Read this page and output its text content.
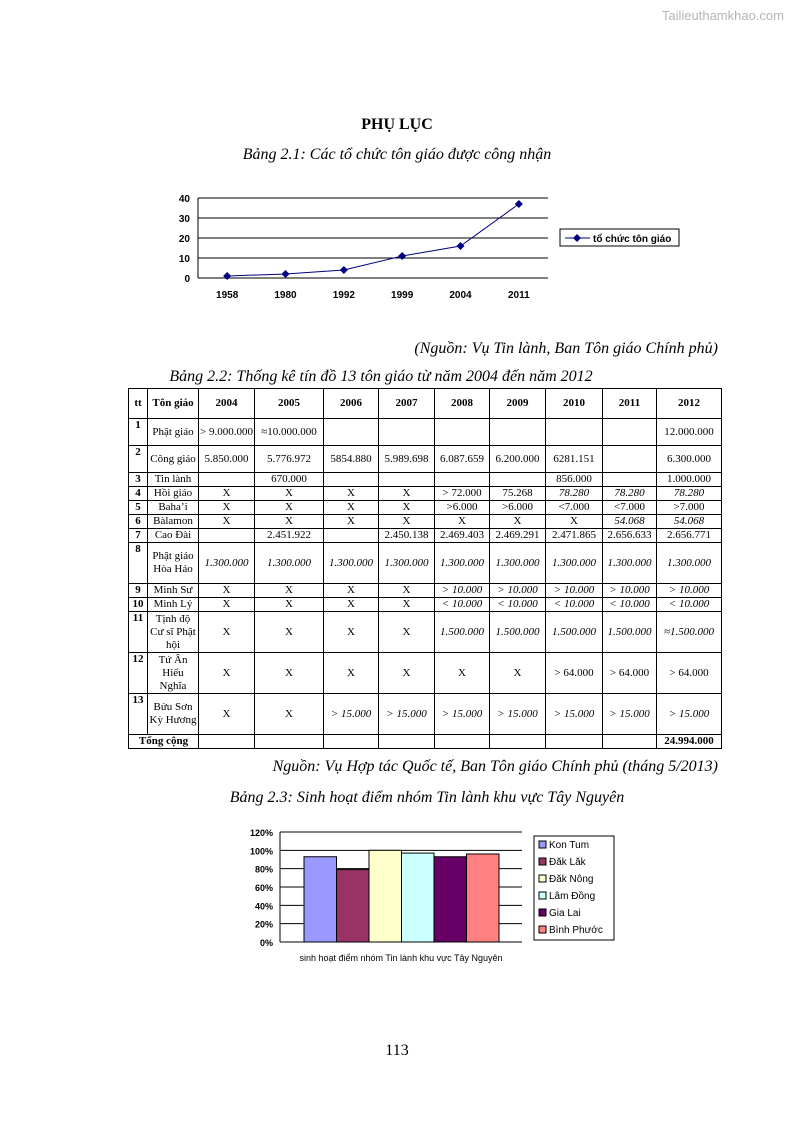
Tailieuthamkhao.com
PHỤ LỤC
Bảng 2.1: Các tổ chức tôn giáo được công nhận
0
10
20
30
40
1958	1980	1992	1999	2004	2011
tổ chức tôn giáo
(Nguồn: Vụ Tin lành, Ban Tôn giáo Chính phủ)
Bảng 2.2: Thống kê tín đồ 13 tôn giáo từ năm 2004 đến năm 2012
tt	Tôn giáo	2004	2005	2006	2007	2008	2009	2010	2011	2012
1	Phật giáo	> 9.000.000	≈10.000.000							12.000.000
2	Công giáo	5.850.000	5.776.972	5854.880	5.989.698	6.087.659	6.200.000	6281.151		6.300.000
3	Tin lành		670.000					856.000		1.000.000
4	Hồi giáo	X	X	X	X	> 72.000	75.268	78.280	78.280	78.280
5	Baha’i	X	X	X	X	>6.000	>6.000	<7.000	<7.000	>7.000
6	Bàlamon	X	X	X	X	X	X	X	54.068	54.068
7	Cao Đài		2.451.922		2.450.138	2.469.403	2.469.291	2.471.865	2.656.633	2.656.771
8	Phật giáo Hòa Hảo	1.300.000	1.300.000	1.300.000	1.300.000	1.300.000	1.300.000	1.300.000	1.300.000	1.300.000
9	Minh Sư	X	X	X	X	> 10.000	> 10.000	> 10.000	> 10.000	> 10.000
10	Minh Lý	X	X	X	X	< 10.000	< 10.000	< 10.000	< 10.000	< 10.000
11	Tịnh độ Cư sĩ Phật hội	X	X	X	X	1.500.000	1.500.000	1.500.000	1.500.000	≈1.500.000
12	Tứ Ân Hiếu Nghĩa	X	X	X	X	X	X	> 64.000	> 64.000	> 64.000
13	Bửu Sơn Kỳ Hương	X	X	> 15.000	> 15.000	> 15.000	> 15.000	> 15.000	> 15.000	> 15.000
Tổng cộng										24.994.000
Nguồn: Vụ Hợp tác Quốc tế, Ban Tôn giáo Chính phủ (tháng 5/2013)
Bảng 2.3: Sinh hoạt điểm nhóm Tin lành khu vực Tây Nguyên
0%
20%
40%
60%
80%
100%
120%
sinh hoạt điểm nhóm Tin lành khu vực Tây Nguyên
Kon Tum
Đăk Lăk
Đăk Nông
Lâm Đồng
Gia Lai
Bình Phước
113
